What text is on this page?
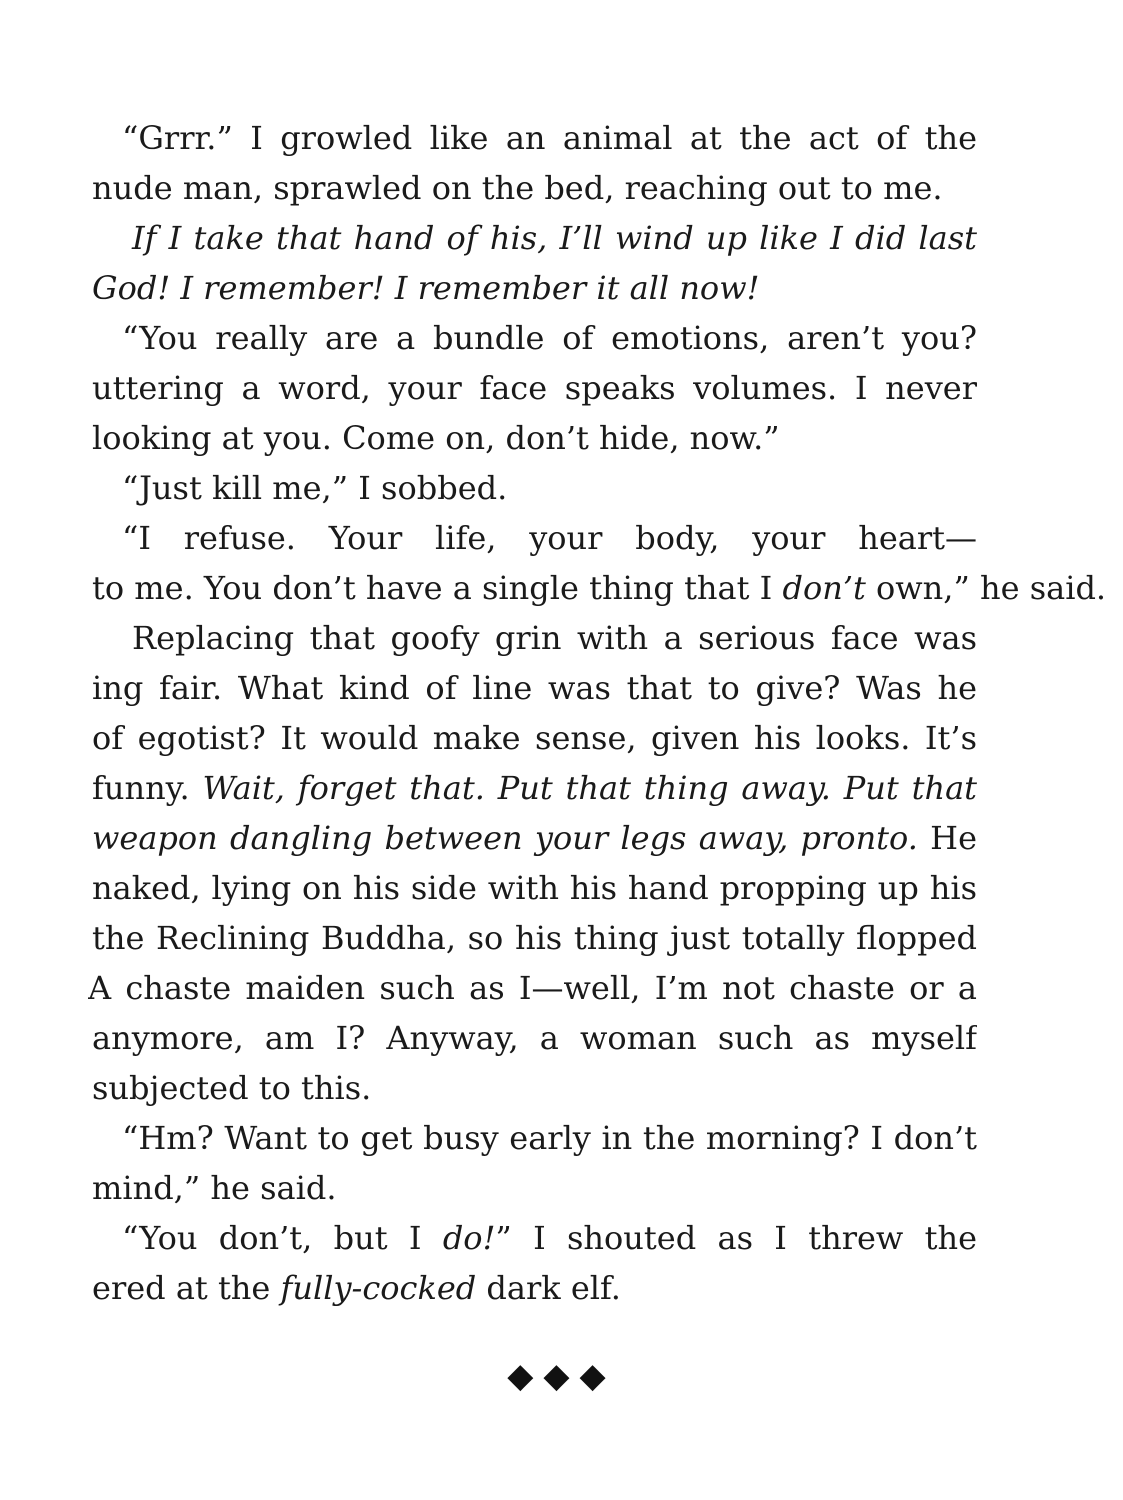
“Grrr.” I growled like an animal at the act of the
nude man, sprawled on the bed, reaching out to me.
If I take that hand of his, I’ll wind up like I did last
God! I remember! I remember it all now!
“You really are a bundle of emotions, aren’t you?
uttering a word, your face speaks volumes. I never
looking at you. Come on, don’t hide, now.”
“Just kill me,” I sobbed.
“I refuse. Your life, your body, your heart—
to me. You don’t have a single thing that I don’t own,” he said.
Replacing that goofy grin with a serious face was
ing fair. What kind of line was that to give? Was he
of egotist? It would make sense, given his looks. It’s
funny. Wait, forget that. Put that thing away. Put that
weapon dangling between your legs away, pronto. He
naked, lying on his side with his hand propping up his
the Reclining Buddha, so his thing just totally flopped
A chaste maiden such as I—well, I’m not chaste or a
anymore, am I? Anyway, a woman such as myself
subjected to this.
“Hm? Want to get busy early in the morning? I don’t
mind,” he said.
“You don’t, but I do!” I shouted as I threw the
ered at the fully-cocked dark elf.
◆◆◆
